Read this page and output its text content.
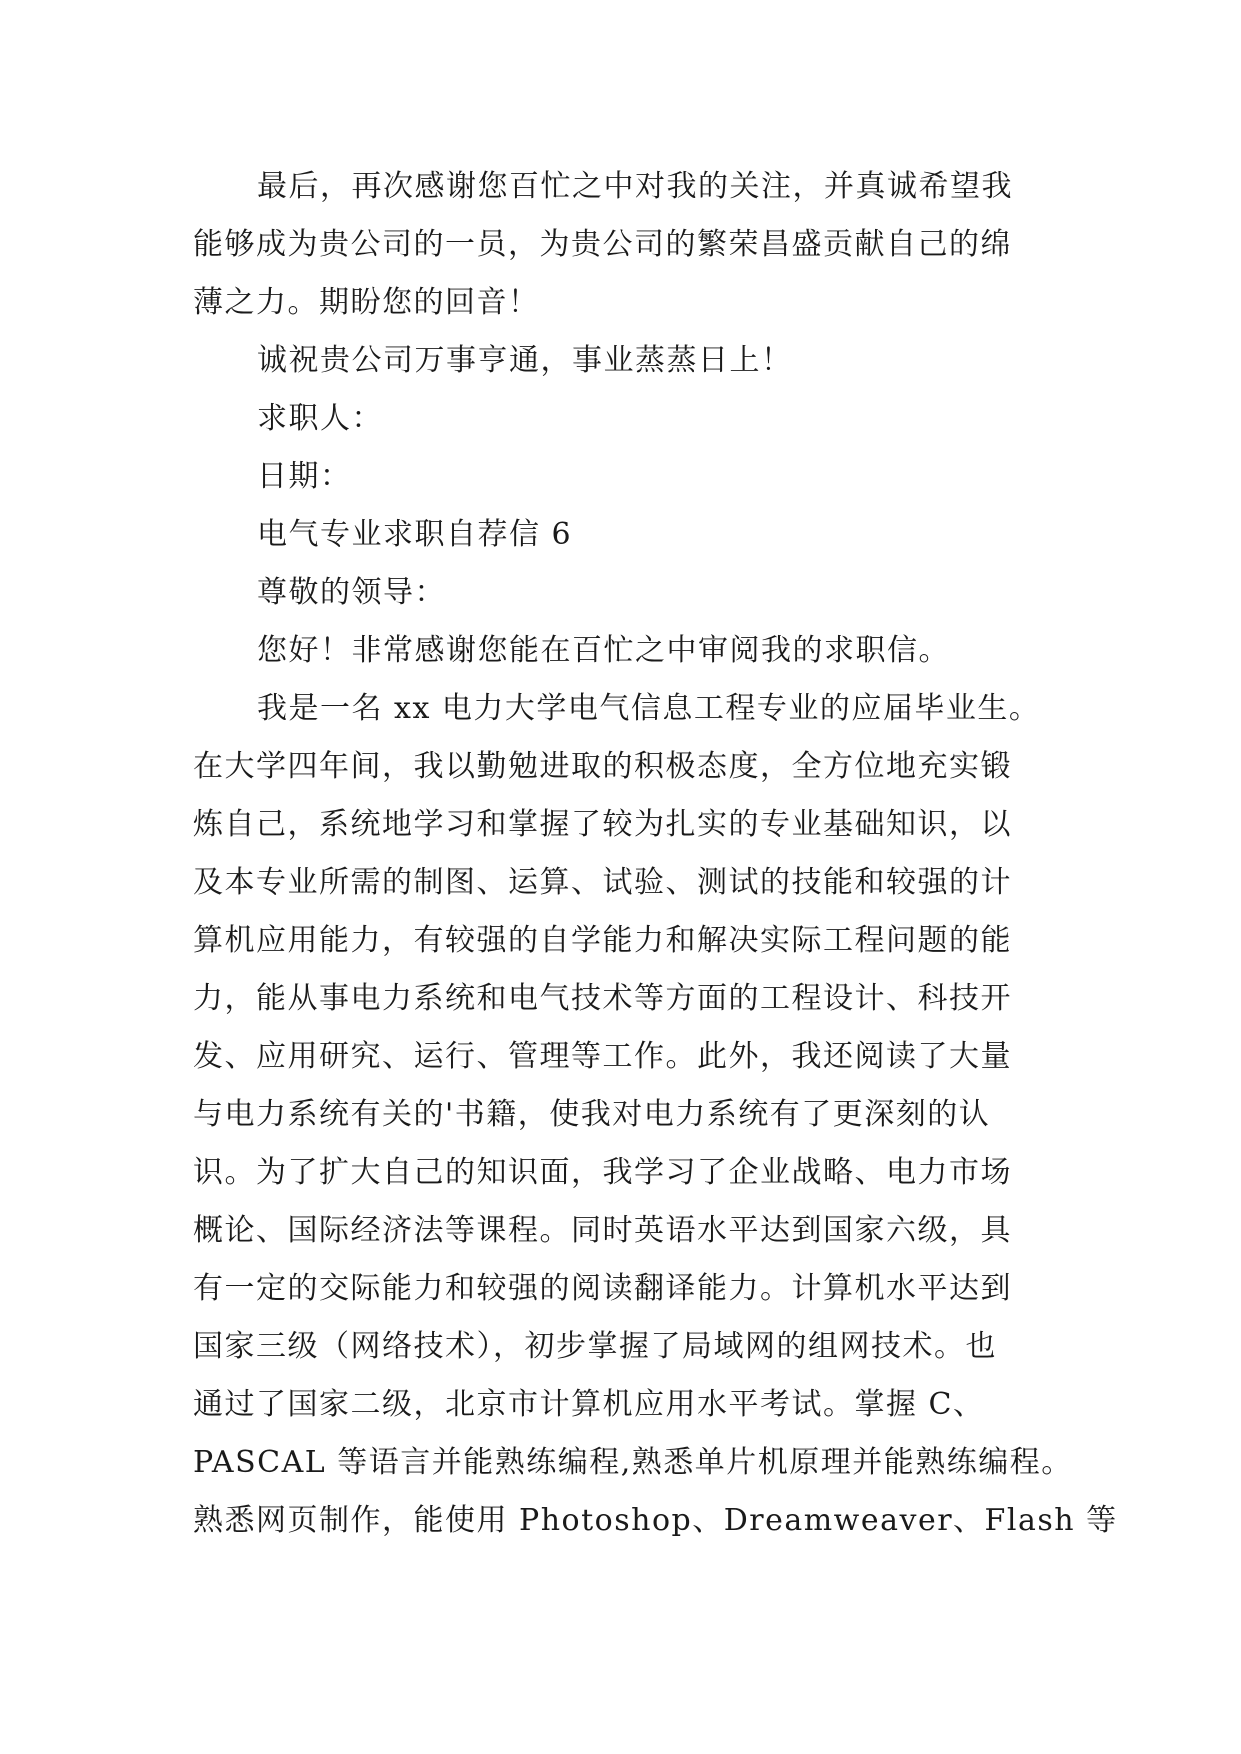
最后，再次感谢您百忙之中对我的关注，并真诚希望我
能够成为贵公司的一员，为贵公司的繁荣昌盛贡献自己的绵
薄之力。期盼您的回音！
诚祝贵公司万事亨通，事业蒸蒸日上！
求职人：
日期：
电气专业求职自荐信 6
尊敬的领导：
您好！非常感谢您能在百忙之中审阅我的求职信。
我是一名 xx 电力大学电气信息工程专业的应届毕业生。
在大学四年间，我以勤勉进取的积极态度，全方位地充实锻
炼自己，系统地学习和掌握了较为扎实的专业基础知识，以
及本专业所需的制图、运算、试验、测试的技能和较强的计
算机应用能力，有较强的自学能力和解决实际工程问题的能
力，能从事电力系统和电气技术等方面的工程设计、科技开
发、应用研究、运行、管理等工作。此外，我还阅读了大量
与电力系统有关的'书籍，使我对电力系统有了更深刻的认
识。为了扩大自己的知识面，我学习了企业战略、电力市场
概论、国际经济法等课程。同时英语水平达到国家六级，具
有一定的交际能力和较强的阅读翻译能力。计算机水平达到
国家三级（网络技术），初步掌握了局域网的组网技术。也
通过了国家二级，北京市计算机应用水平考试。掌握 C、
PASCAL 等语言并能熟练编程,熟悉单片机原理并能熟练编程。
熟悉网页制作，能使用 Photoshop、Dreamweaver、Flash 等
